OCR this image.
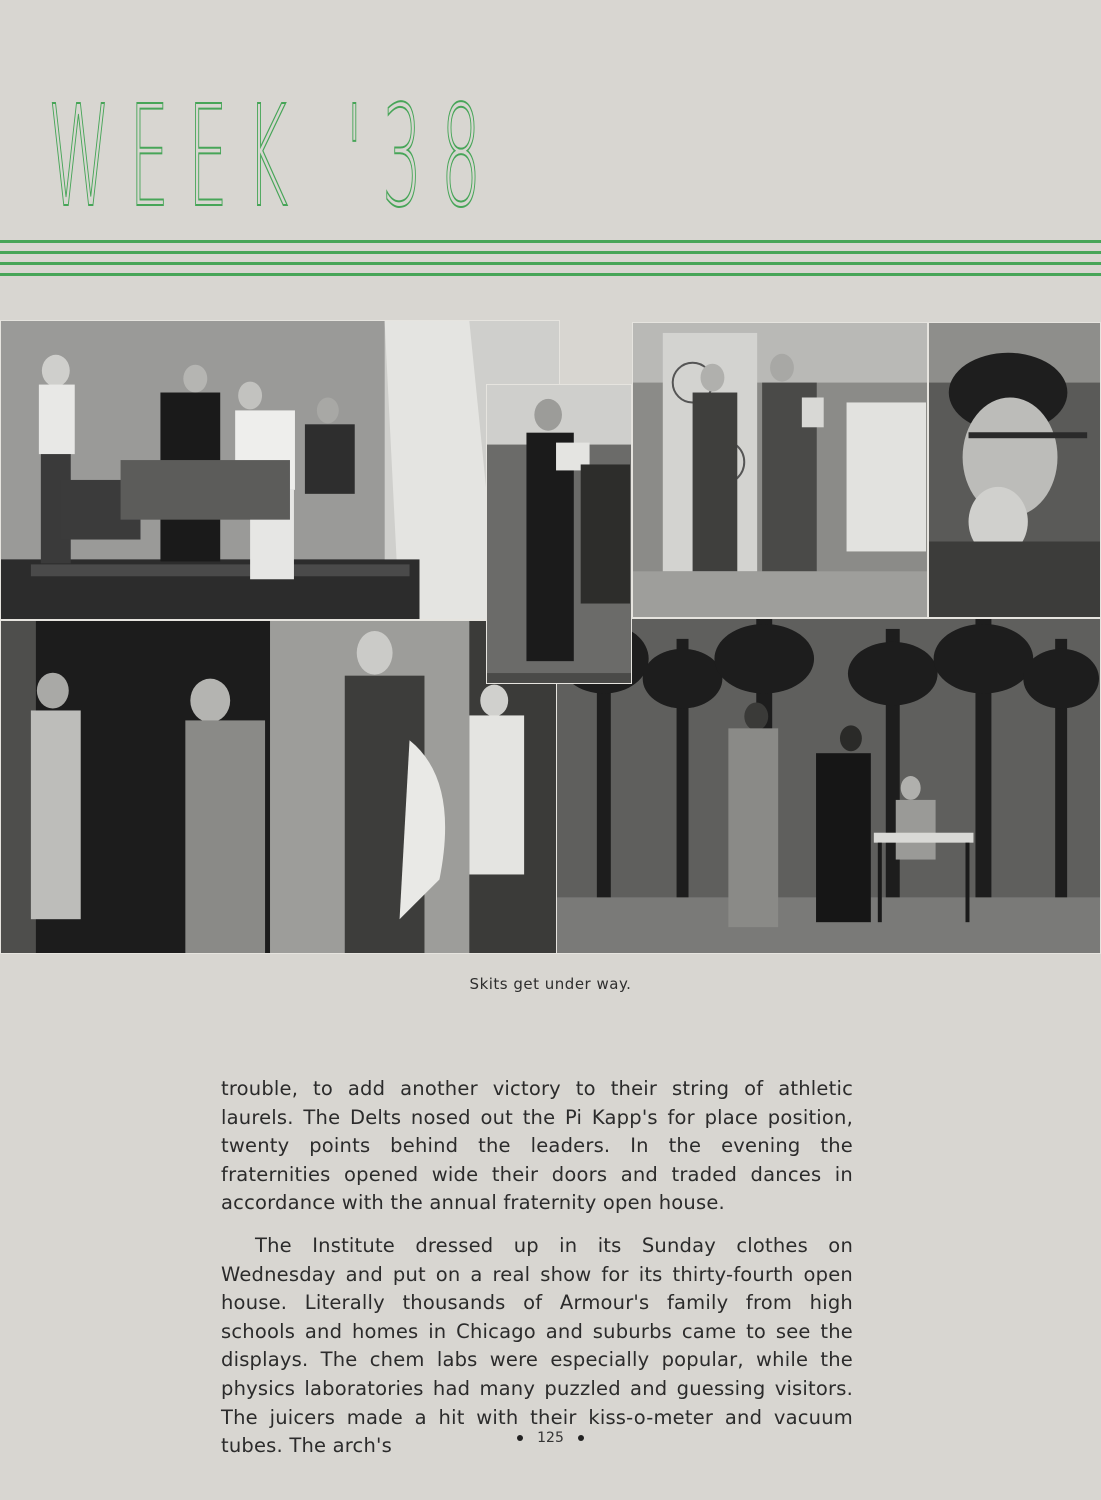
WEEK '38
Skits get under way.

trouble, to add another victory to their string of athletic laurels. The Delts nosed out the Pi Kapp's for place position, twenty points behind the leaders. In the evening the fraternities opened wide their doors and traded dances in accordance with the annual fraternity open house.

The Institute dressed up in its Sunday clothes on Wednesday and put on a real show for its thirty-fourth open house. Literally thousands of Armour's family from high schools and homes in Chicago and suburbs came to see the displays. The chem labs were especially popular, while the physics laboratories had many puzzled and guessing visitors. The juicers made a hit with their kiss-o-meter and vacuum tubes. The arch's	125
